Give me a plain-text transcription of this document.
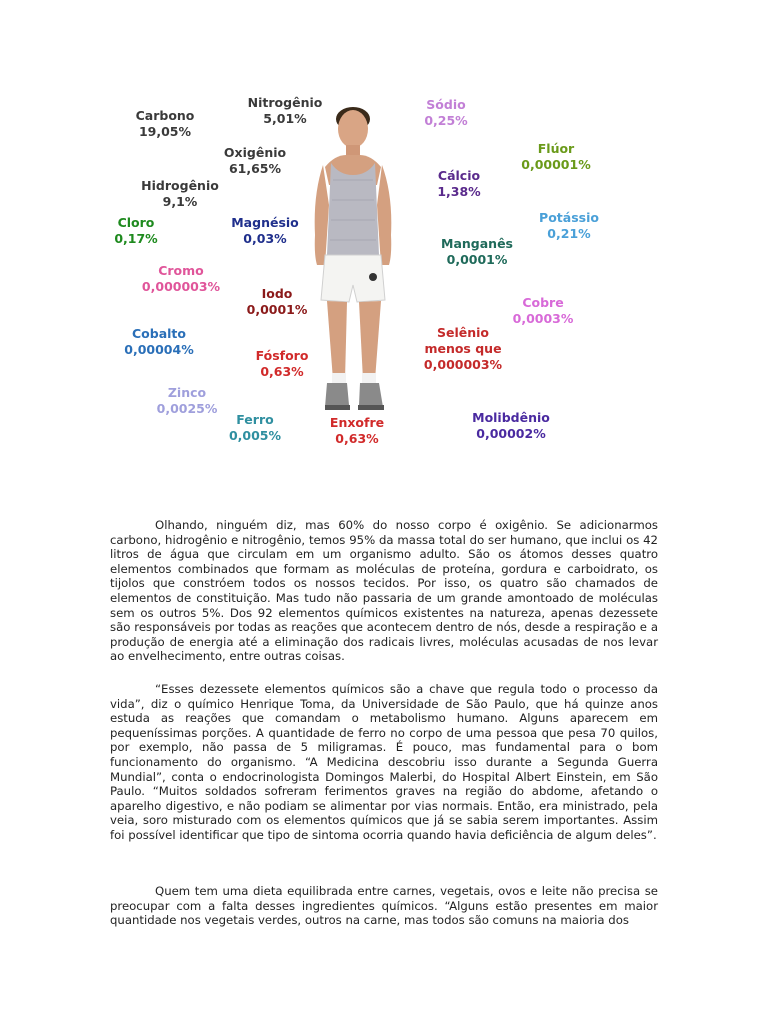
Carbono
19,05%
Nitrogênio
5,01%
Oxigênio
61,65%
Hidrogênio
9,1%
Cloro
0,17%
Magnésio
0,03%
Cromo
0,000003%	Iodo
0,0001%
Cobalto
0,00004%	Fósforo
0,63%
Zinco
0,0025%
Ferro
0,005%
Enxofre
0,63%
Sódio
0,25%
Flúor
0,00001%
Cálcio
1,38%
Potássio
0,21%
Manganês
0,0001%
Cobre
0,0003%
Selênio
menos que
0,000003%
Molibdênio
0,00002%

Olhando, ninguém diz, mas 60% do nosso corpo é oxigênio. Se adicionarmos carbono, hidrogênio e nitrogênio, temos 95% da massa total do ser humano, que inclui os 42 litros de água que circulam em um organismo adulto. São os átomos desses quatro elementos combinados que formam as moléculas de proteína, gordura e carboidrato, os tijolos que constróem todos os nossos tecidos. Por isso, os quatro são chamados de elementos de constituição. Mas tudo não passaria de um grande amontoado de moléculas sem os outros 5%. Dos 92 elementos químicos existentes na natureza, apenas dezessete são responsáveis por todas as reações que acontecem dentro de nós, desde a respiração e a produção de energia até a eliminação dos radicais livres, moléculas acusadas de nos levar ao envelhecimento, entre outras coisas.

“Esses dezessete elementos químicos são a chave que regula todo o processo da vida”, diz o químico Henrique Toma, da Universidade de São Paulo, que há quinze anos estuda as reações que comandam o metabolismo humano. Alguns aparecem em pequeníssimas porções. A quantidade de ferro no corpo de uma pessoa que pesa 70 quilos, por exemplo, não passa de 5 miligramas. É pouco, mas fundamental para o bom funcionamento do organismo. “A Medicina descobriu isso durante a Segunda Guerra Mundial”, conta o endocrinologista Domingos Malerbi, do Hospital Albert Einstein, em São Paulo. “Muitos soldados sofreram ferimentos graves na região do abdome, afetando o aparelho digestivo, e não podiam se alimentar por vias normais. Então, era ministrado, pela veia, soro misturado com os elementos químicos que já se sabia serem importantes. Assim foi possível identificar que tipo de sintoma ocorria quando havia deficiência de algum deles”.

Quem tem uma dieta equilibrada entre carnes, vegetais, ovos e leite não precisa se preocupar com a falta desses ingredientes químicos. “Alguns estão presentes em maior quantidade nos vegetais verdes, outros na carne, mas todos são comuns na maioria dos
